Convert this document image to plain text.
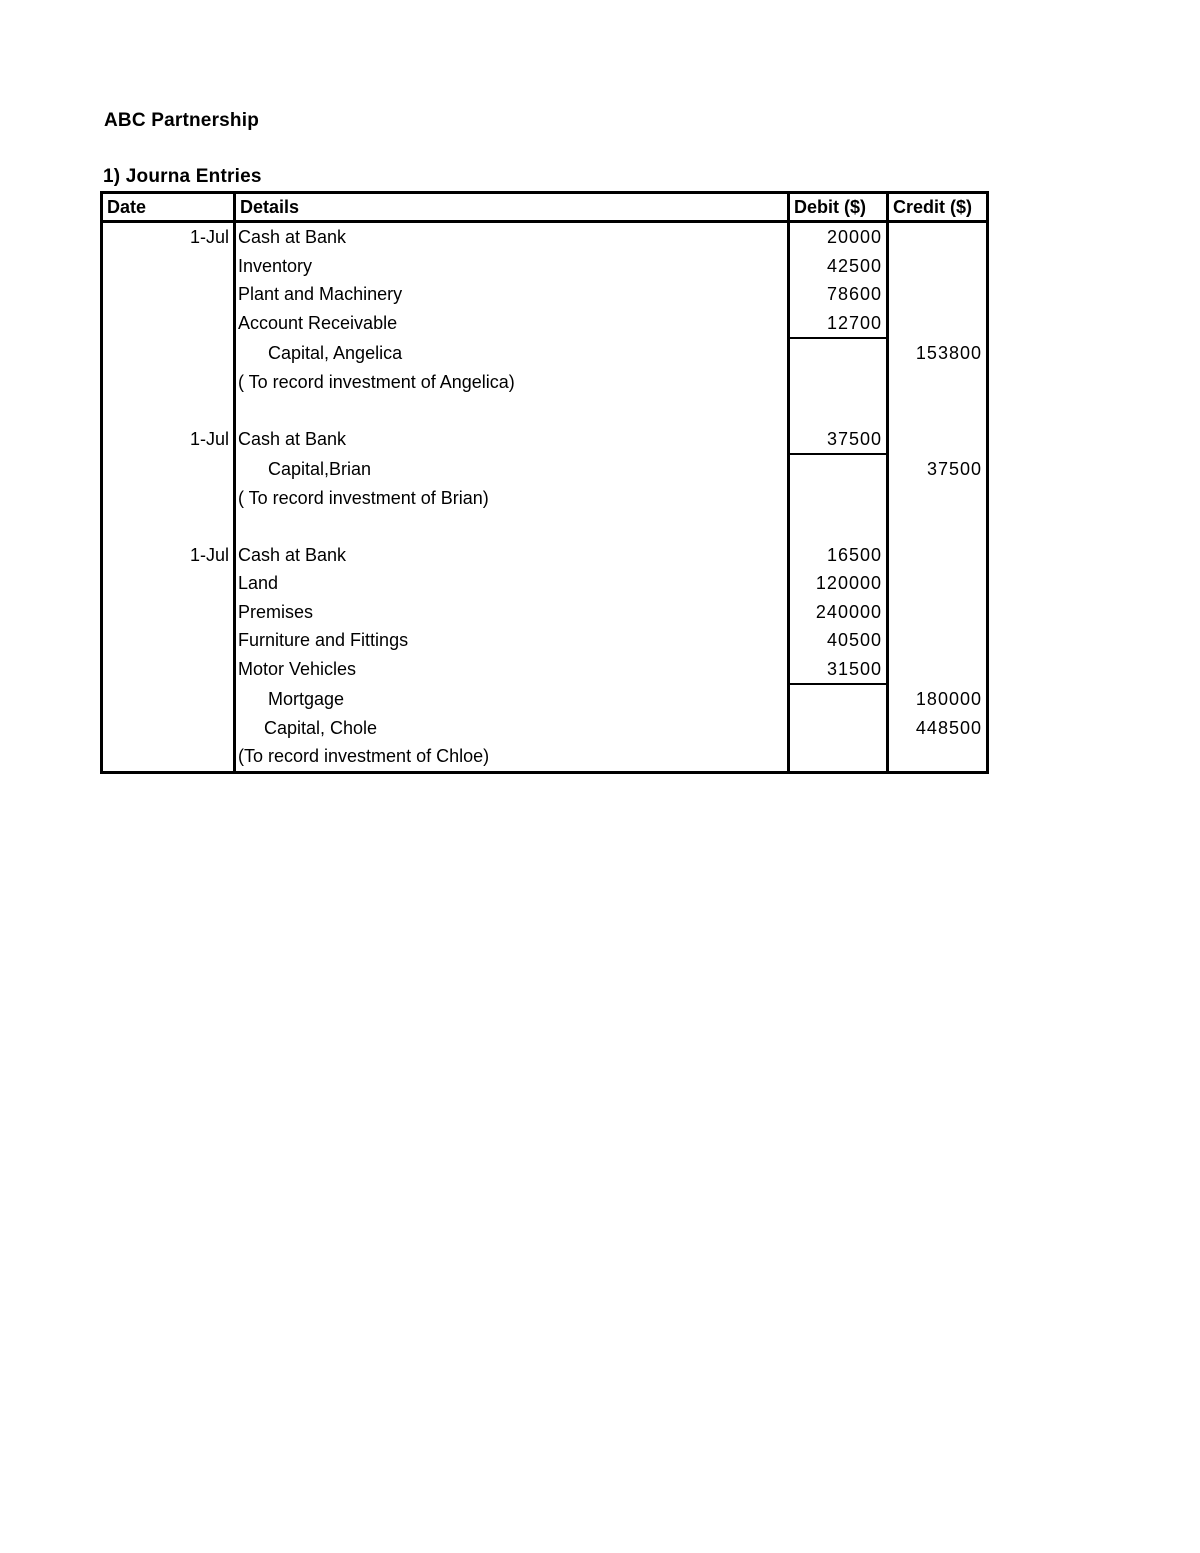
ABC Partnership
1) Journa Entries
Date	Details	Debit ($)	Credit ($)
1-Jul	Cash at Bank	20000	
	Inventory	42500	
	Plant and Machinery	78600	
	Account Receivable	12700	
	Capital, Angelica		153800
	( To record investment of Angelica)		

1-Jul	Cash at Bank	37500	
	Capital,Brian		37500
	( To record investment of Brian)		

1-Jul	Cash at Bank	16500	
	Land	120000	
	Premises	240000	
	Furniture and Fittings	40500	
	Motor Vehicles	31500	
	Mortgage		180000
	Capital, Chole		448500
	(To record investment of Chloe)		
